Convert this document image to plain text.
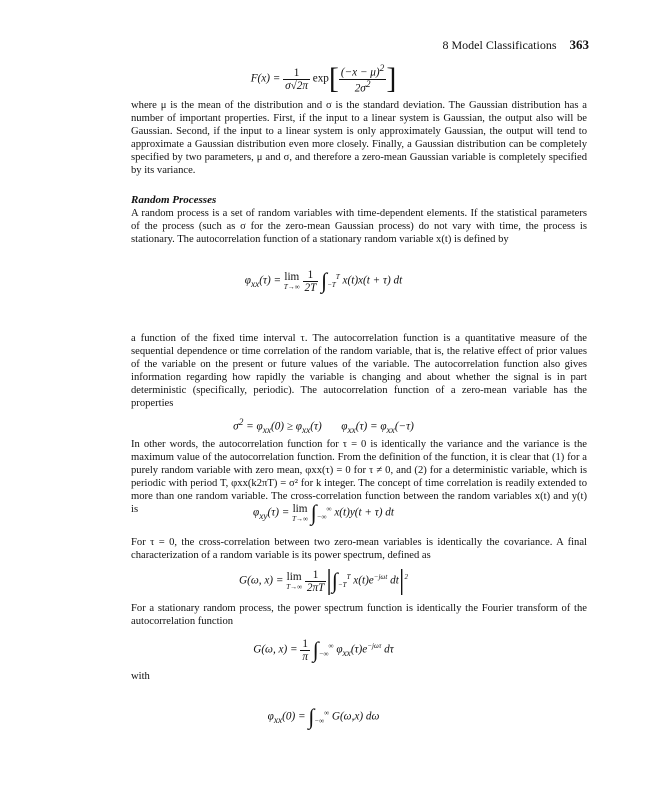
8 Model Classifications 363
$F(x) = \frac{1}{\sigma√2\pi} \exp[ \frac{(-x - \mu)^2}{2\sigma^2}$ ]
where μ is the mean of the distribution and σ is the standard deviation. The Gaussian distribution has a number of important properties. First, if the input to a linear system is Gaussian, the output also will be Gaussian. Second, if the input to a linear system is only approximately Gaussian, the output will tend to approximate a Gaussian distribution even more closely. Finally, a Gaussian distribution can be completely specified by two parameters, μ and σ, and therefore a zero-mean Gaussian variable is completely specified by its variance.
Random Processes
A random process is a set of random variables with time-dependent elements. If the statistical parameters of the process (such as σ for the zero-mean Gaussian process) do not vary with time, the process is stationary. The autocorrelation function of a stationary random variable x(t) is defined by
$\varphi_{xx}(\tau) = \lim$
T→∞
$\frac{1}{2T} \int_{-T}^T$ x(t)x(t + τ) dt
a function of the fixed time interval τ. The autocorrelation function is a quantitative measure of the sequential dependence or time correlation of the random variable, that is, the relative effect of prior values of the variable on the present or future values of the variable. The autocorrelation function also gives information regarding how rapidly the variable is changing and about whether the signal is in part deterministic (specifically, periodic). The autocorrelation function of a zero-mean variable has the properties
$\sigma^2 = \varphi_{xx}(0) \ge \varphi_{xx}(\tau)$       $\varphi_{xx}(\tau) = \varphi_{xx}(-\tau)$
In other words, the autocorrelation function for τ = 0 is identically the variance and the variance is the maximum value of the autocorrelation function. From the definition of the function, it is clear that (1) for a purely random variable with zero mean, φxx(τ) = 0 for τ ≠ 0, and (2) for a deterministic variable, which is periodic with period T, φxx(k2πT) = σ² for k integer. The concept of time correlation is readily extended to more than one random variable. The cross-correlation function between the random variables x(t) and y(t) is	$\varphi_{xy}(\tau) = \lim$
T→∞ $\int_{-\infty}^\infty$ x(t)y(t + τ) dt
For τ = 0, the cross-correlation between two zero-mean variables is identically the covariance. A final characterization of a random variable is its power spectrum, defined as
G(ω, x) = lim
T→∞
$\frac{1}{2\pi T} |\int_{-T}^T$ $x(t)e^{-j\omega t}$ $dt|^2$
For a stationary random process, the power spectrum function is identically the Fourier transform of the autocorrelation function
G(ω, $x) = \frac{1}{\pi} \int_{-\infty}^\infty$ $\varphi_{xx}(\tau)e^{-j\omega\tau}$ dτ
with
$\varphi_{xx}(0) = \int_{-\infty}^\infty$ G(ω,x) dω
